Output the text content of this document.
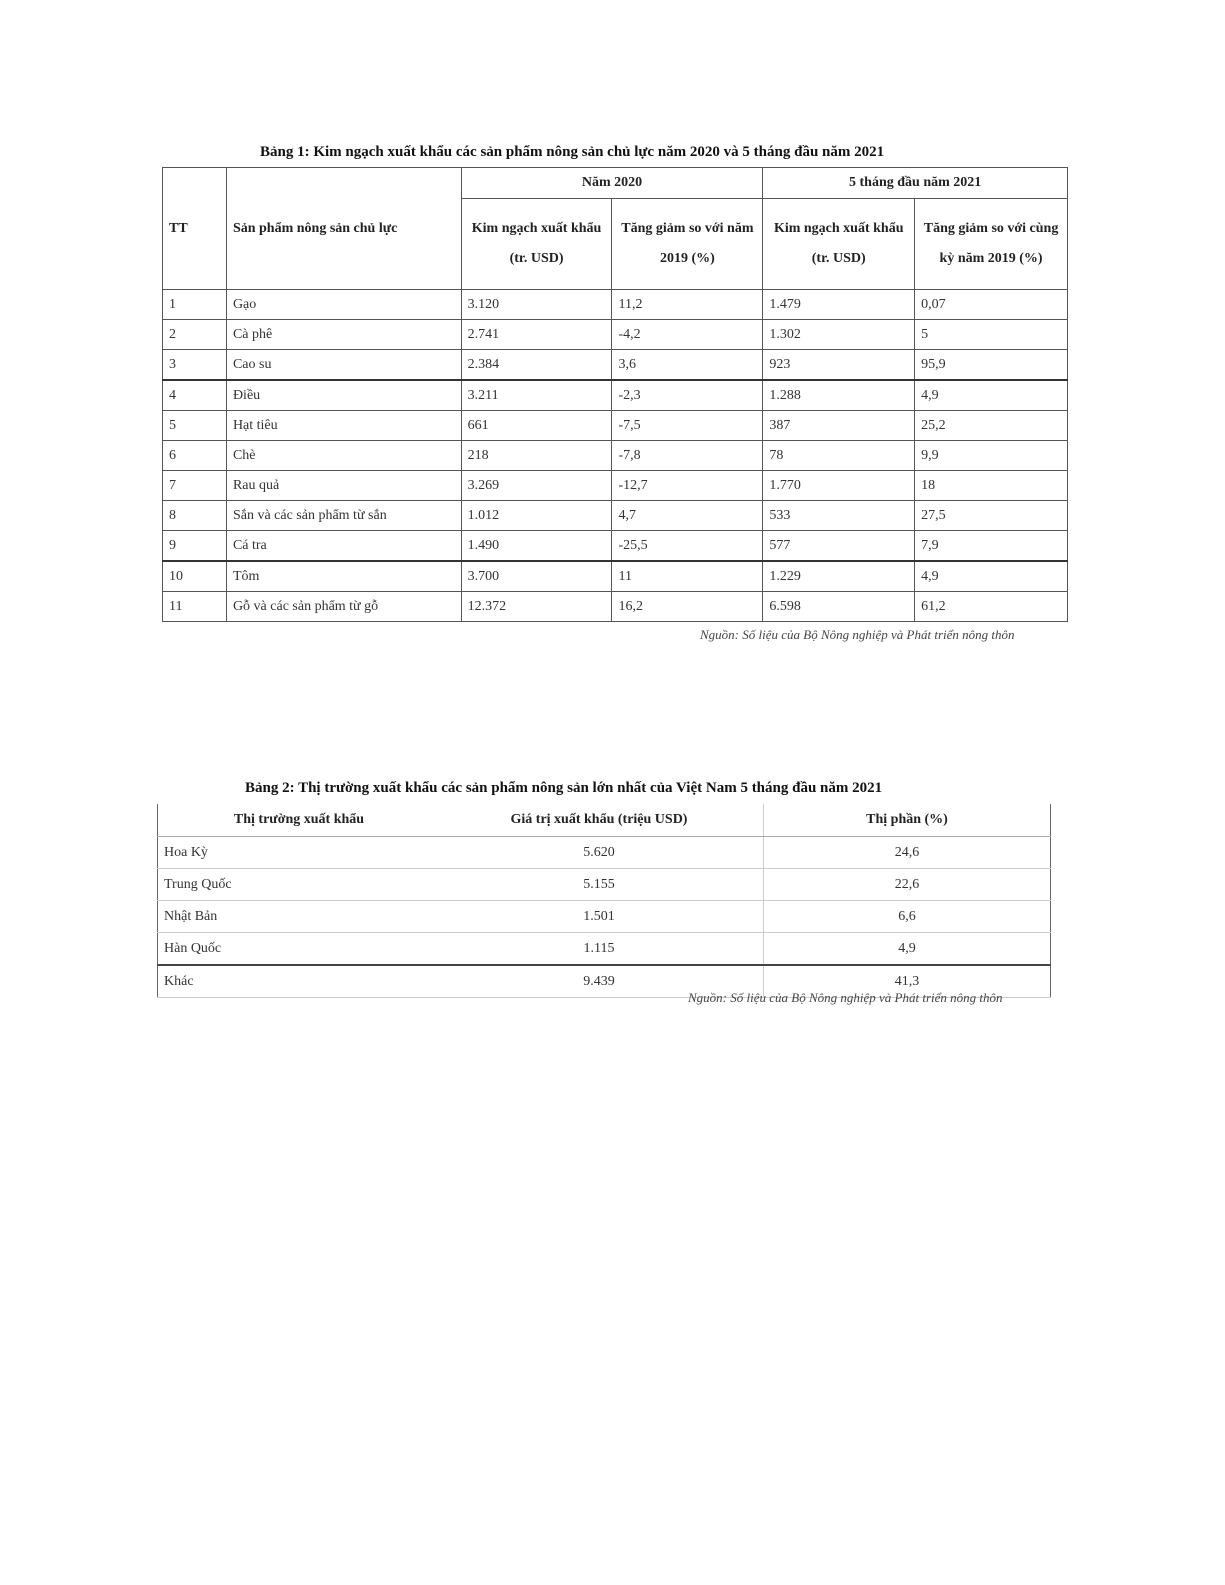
Bảng 1: Kim ngạch xuất khẩu các sản phẩm nông sản chủ lực năm 2020 và 5 tháng đầu năm 2021
TT	Sản phẩm nông sản chủ lực	Năm 2020		5 tháng đầu năm 2021	
		Kim ngạch xuất khẩu (tr. USD)	Tăng giảm so với năm 2019 (%)	Kim ngạch xuất khẩu (tr. USD)	Tăng giảm so với cùng kỳ năm 2019 (%)
1	Gạo	3.120	11,2	1.479	0,07
2	Cà phê	2.741	-4,2	1.302	5
3	Cao su	2.384	3,6	923	95,9
4	Điều	3.211	-2,3	1.288	4,9
5	Hạt tiêu	661	-7,5	387	25,2
6	Chè	218	-7,8	78	9,9
7	Rau quả	3.269	-12,7	1.770	18
8	Sắn và các sản phẩm từ sắn	1.012	4,7	533	27,5
9	Cá tra	1.490	-25,5	577	7,9
10	Tôm	3.700	11	1.229	4,9
11	Gỗ và các sản phẩm từ gỗ	12.372	16,2	6.598	61,2
Nguồn: Số liệu của Bộ Nông nghiệp và Phát triển nông thôn
Bảng 2: Thị trường xuất khẩu các sản phẩm nông sản lớn nhất của Việt Nam 5 tháng đầu năm 2021
Thị trường xuất khẩu	Giá trị xuất khẩu (triệu USD)	Thị phần (%)
Hoa Kỳ	5.620	24,6
Trung Quốc	5.155	22,6
Nhật Bản	1.501	6,6
Hàn Quốc	1.115	4,9
Khác	9.439	41,3
Nguồn: Số liệu của Bộ Nông nghiệp và Phát triển nông thôn
